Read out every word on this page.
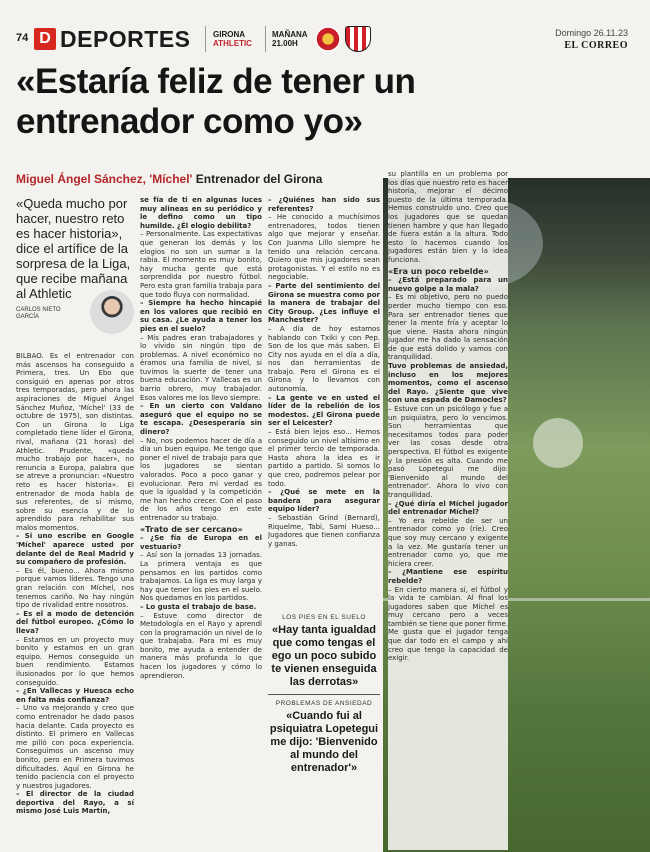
74 D DEPORTES	GIRONA
ATHLETIC
MAÑANA
21.00H
Domingo 26.11.23
EL CORREO
«Estaría feliz de tener un entrenador como yo»
Miguel Ángel Sánchez, 'Míchel' Entrenador del Girona

«Queda mucho por hacer, nuestro reto es hacer historia», dice el artífice de la sorpresa de la Liga, que recibe mañana al Athletic

CARLOS NIETO
GARCÍA

BILBAO. Es el entrenador con más ascensos ha conseguido a Primera, tres. Un Ebo que consiguió en apenas por otros tres temporadas, pero ahora las aspiraciones de Miguel Ángel Sánchez Muñoz, 'Míchel' (33 de octubre de 1975), son distintas. Con un Girona lo Liga completado tiene líder el Girona, rival, mañana (21 horas) del Athletic. Prudente, «queda mucho trabajo por hacer», no renuncia a Europa, palabra que se atreve a pronunciar: «Nuestro reto es hacer historia». El entrenador de moda habla de sus referentes, de sí mismo, sobre su esencia y de lo aprendido para rehabilitar sus malos momentos.

– Si uno escribe en Google 'Míchel' aparece usted por delante del de Real Madrid y su compañero de profesión.

– Es él, bueno... Ahora mismo porque vamos líderes. Tengo una gran relación con Míchel, nos tenemos cariño. No hay ningún tipo de rivalidad entre nosotros.

– Es el a modo de detención del fútbol europeo. ¿Cómo lo lleva?

– Estamos en un proyecto muy bonito y estamos en un gran equipo. Hemos conseguido un buen rendimiento. Estamos ilusionados por lo que hemos conseguido.

– ¿En Vallecas y Huesca echo en falta más confianza?

– Uno va mejorando y creo que como entrenador he dado pasos hacia delante. Cada proyecto es distinto. El primero en Vallecas me pilló con poca experiencia. Conseguimos un ascenso muy bonito, pero en Primera tuvimos dificultades. Aquí en Girona he tenido paciencia con el proyecto y nuestros jugadores.

– El director de la ciudad deportiva del Rayo, a sí mismo José Luis Martín,

se fía de ti en algunas luces muy alineas en su periódico y le defino como un tipo humilde. ¿Él elogio debilita?

– Personalmente. Las expectativas que generan los demás y los elogios no son un sumar a la rabia. El momento es muy bonito, hay mucha gente que está sorprendida por nuestro fútbol. Pero esta gran familia trabaja para que todo fluya con normalidad.

– Siempre ha hecho hincapié en los valores que recibió en su casa. ¿Le ayuda a tener los pies en el suelo?

– Mis padres eran trabajadores y lo vivido sin ningún tipo de problemas. A nivel económico no éramos una familia de nivel, si tuvimos la suerte de tener una buena educación. Y Vallecas es un barrio obrero, muy trabajador. Esos valores me los llevo siempre.

– En un cierto con Valdano aseguró que el equipo no se te escapa. ¿Desesperaría sin dinero?

– No, nos podemos hacer de día a día un buen equipo. Me tengo que poner el nivel de trabajo para que los jugadores se sientan valorados. Poco a poco ganar y evolucionar. Pero mi verdad es que la igualdad y la competición me han hecho crecer. Con el paso de los años tengo en este entrenador su trabajo.

«Trato de ser cercano»

– ¿Se fía de Europa en el vestuario?

– Así son la jornadas 13 jornadas. La primera ventaja es que pensamos en los partidos como trabajamos. La liga es muy larga y hay que tener los pies en el suelo. Nos quedamos en los partidos.

– Lo gusta el trabajo de base.

– Estuve como director de Metodología en el Rayo y aprendí con la programación un nivel de lo que trabajaba. Para mí es muy bonito, me ayuda a entender de manera más profunda lo que hacen los jugadores y cómo lo aprendieron.

– ¿Quiénes han sido sus referentes?

– He conocido a muchísimos entrenadores, todos tienen algo que mejorar y enseñar. Con Juanma Lillo siempre he tenido una relación cercana. Quiero que mis jugadores sean protagonistas. Y el estilo no es negociable.

– Parte del sentimiento del Girona se muestra como por la manera de trabajar del City Group. ¿Les influye el Manchester?

– A día de hoy estamos hablando con Txiki y con Pep. Son de los que más saben. El City nos ayuda en el día a día, nos dan herramientas de trabajo. Pero el Girona es el Girona y lo llevamos con autonomía.

– La gente ve en usted el líder de la rebelión de los modestos. ¿El Girona puede ser el Leicester?

– Está bien lejos eso... Hemos conseguido un nivel altísimo en el primer tercio de temporada. Hasta ahora la idea es ir partido a partido. Si somos lo que creo, podremos pelear por todo.

– ¿Qué se mete en la bandera para asegurar equipo líder?

– Sebastián Grind (Bernard), Riquelme, Tabi, Sami Hueso... Jugadores que tienen confianza y ganas.

LOS PIES EN EL SUELO
«Hay tanta igualdad que como tengas el ego un poco subido te vienen enseguida las derrotas»
PROBLEMAS DE ANSIEDAD
«Cuando fui al psiquiatra Lopetegui me dijo: 'Bienvenido al mundo del entrenador'»

su plantilla en un problema por los días que nuestro reto es hacer historia, mejorar el décimo puesto de la última temporada. Hemos construido uno. Creo que los jugadores que se quedan tienen hambre y que han llegado de fuera están a la altura. Todo esto lo hacemos cuando los jugadores están bien y la idea funciona.

«Era un poco rebelde»

– ¿Está preparado para un nuevo golpe a la mala?

– Es mi objetivo, pero no puedo perder mucho tiempo con eso. Para ser entrenador tienes que tener la mente fría y aceptar lo que viene. Hasta ahora ningún jugador me ha dado la sensación de que está dolido y vamos con tranquilidad.

Tuvo problemas de ansiedad, incluso en los mejores momentos, como el ascenso del Rayo. ¿Siente que vive con una espada de Damocles?

– Estuve con un psicólogo y fue a un psiquiatra, pero lo vencimos. Son herramientas que necesitamos todos para poder ver las cosas desde otra perspectiva. El fútbol es exigente y la presión es alta. Cuando me pasó Lopetegui me dijo: 'Bienvenido al mundo del entrenador'. Ahora lo vivo con tranquilidad.

– ¿Qué diría el Míchel jugador del entrenador Míchel?

– Yo era rebelde de ser un entrenador como yo (ríe). Creo que soy muy cercano y exigente a la vez. Me gustaría tener un entrenador como yo, que me hiciera creer.

– ¿Mantiene ese espíritu rebelde?

– En cierto manera sí, el fútbol y la vida te cambian. Al final los jugadores saben que Míchel es muy cercano pero a veces también se tiene que poner firme. Me gusta que el jugador tenga que dar todo en el campo y ahí creo que tengo la capacidad de exigir.
